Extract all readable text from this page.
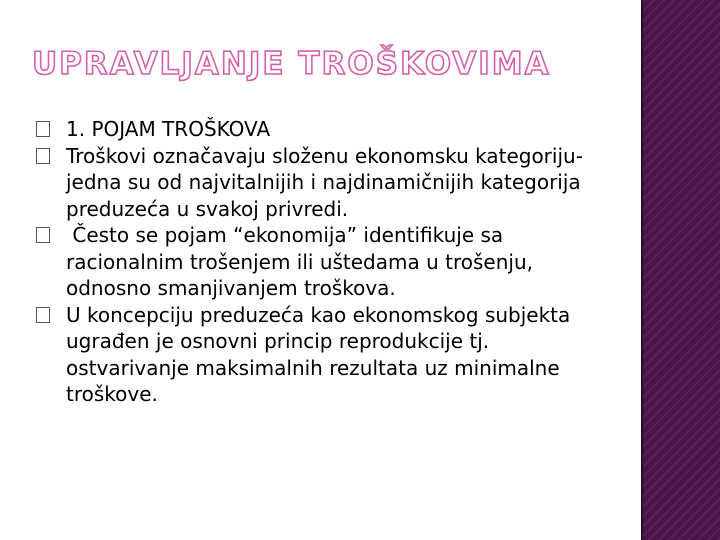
UPRAVLJANJE TROŠKOVIMA
1. POJAM TROŠKOVA
Troškovi označavaju složenu ekonomsku kategoriju- jedna su od najvitalnijih i najdinamičnijih kategorija preduzeća u svakoj privredi.
Često se pojam “ekonomija” identifikuje sa racionalnim trošenjem ili uštedama u trošenju, odnosno smanjivanjem troškova.
U koncepciju preduzeća kao ekonomskog subjekta ugrađen je osnovni princip reprodukcije tj. ostvarivanje maksimalnih rezultata uz minimalne troškove.
